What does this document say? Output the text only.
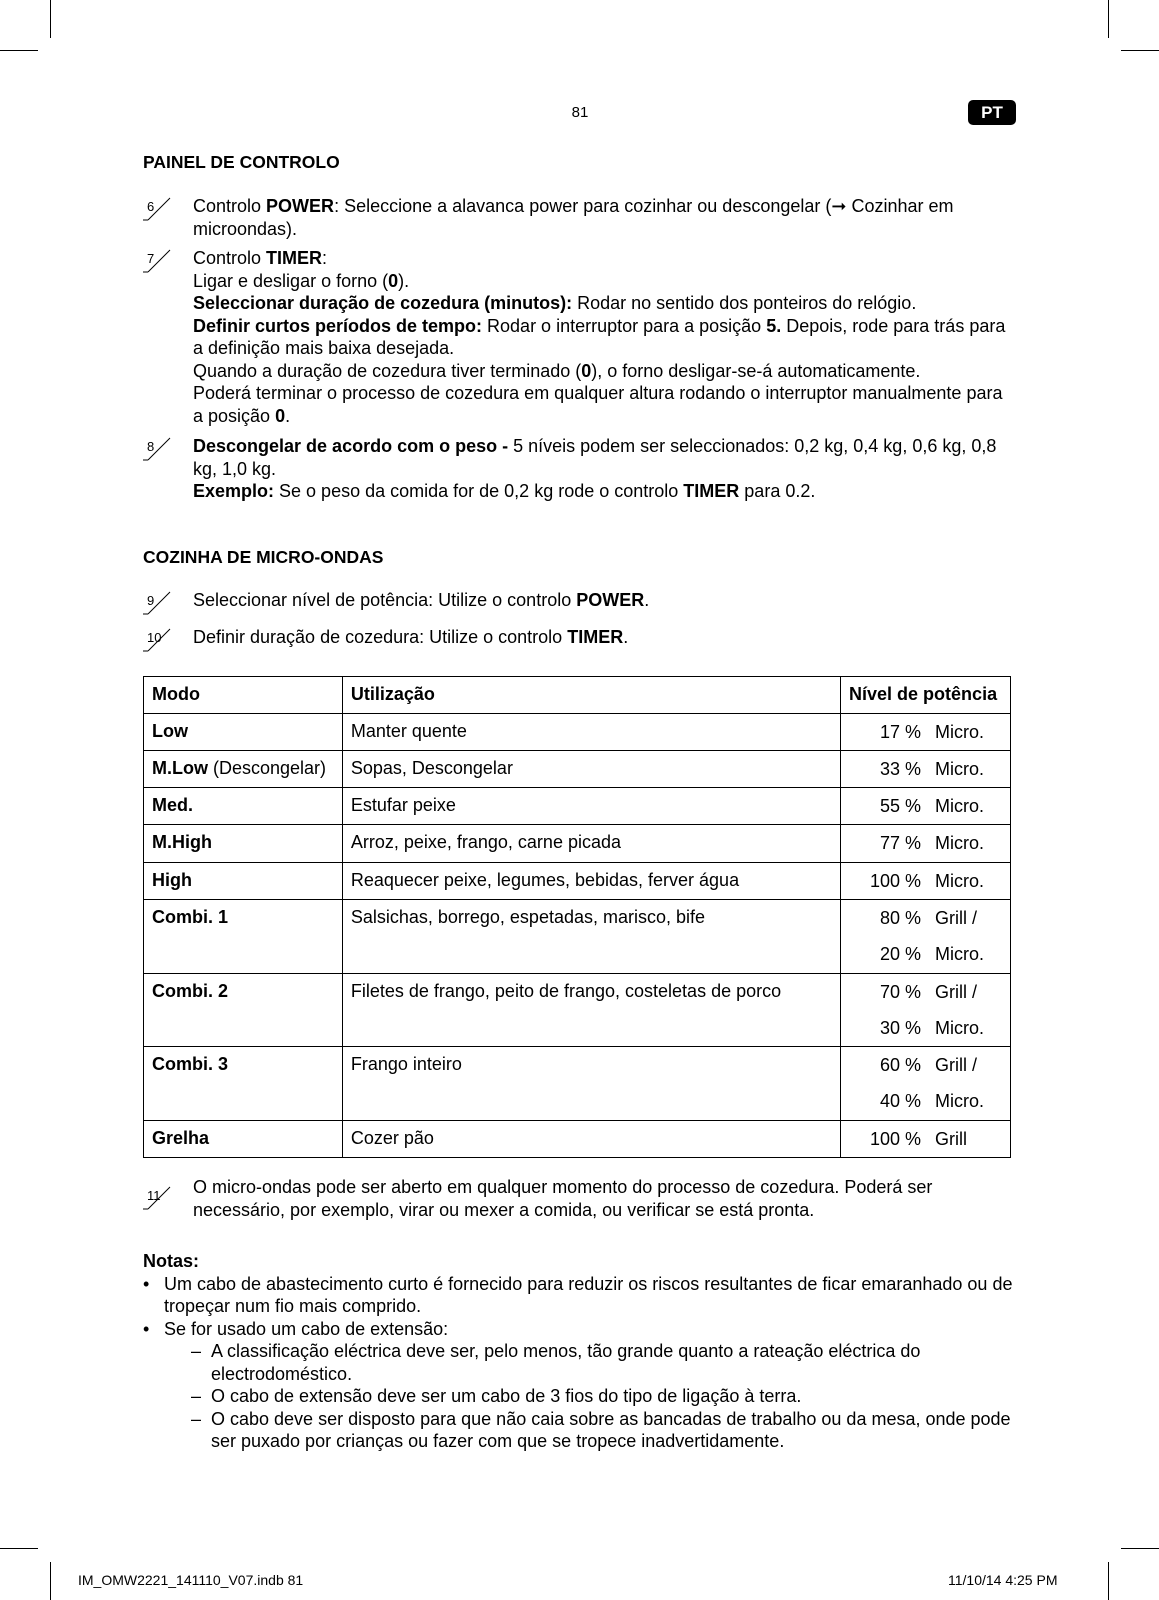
81	PT
PAINEL DE CONTROLO
6 Controlo POWER: Seleccione a alavanca power para cozinhar ou descongelar (➞ Cozinhar em microondas).
7 Controlo TIMER:
Ligar e desligar o forno (0).
Seleccionar duração de cozedura (minutos): Rodar no sentido dos ponteiros do relógio.
Definir curtos períodos de tempo: Rodar o interruptor para a posição 5. Depois, rode para trás para a definição mais baixa desejada.
Quando a duração de cozedura tiver terminado (0), o forno desligar-se-á automaticamente.
Poderá terminar o processo de cozedura em qualquer altura rodando o interruptor manualmente para a posição 0.
8 Descongelar de acordo com o peso - 5 níveis podem ser seleccionados: 0,2 kg, 0,4 kg, 0,6 kg, 0,8 kg, 1,0 kg.
Exemplo: Se o peso da comida for de 0,2 kg rode o controlo TIMER para 0.2.
COZINHA DE MICRO-ONDAS
9 Seleccionar nível de potência: Utilize o controlo POWER.
10 Definir duração de cozedura: Utilize o controlo TIMER.
Modo	Utilização	Nível de potência
Low	Manter quente	17 % Micro.

M.Low (Descongelar)	Sopas, Descongelar	33 % Micro.

Med.	Estufar peixe	55 % Micro.

M.High	Arroz, peixe, frango, carne picada	77 % Micro.

High	Reaquecer peixe, legumes, bebidas, ferver água	100 % Micro.

Combi. 1	Salsichas, borrego, espetadas, marisco, bife	80 % Grill /
20 % Micro.

Combi. 2	Filetes de frango, peito de frango, costeletas de porco	70 % Grill /
30 % Micro.

Combi. 3	Frango inteiro	60 % Grill /
40 % Micro.

Grelha	Cozer pão	100 % Grill
11 O micro-ondas pode ser aberto em qualquer momento do processo de cozedura. Poderá ser necessário, por exemplo, virar ou mexer a comida, ou verificar se está pronta.
Notas:
• Um cabo de abastecimento curto é fornecido para reduzir os riscos resultantes de ficar emaranhado ou de tropeçar num fio mais comprido.
• Se for usado um cabo de extensão:
– A classificação eléctrica deve ser, pelo menos, tão grande quanto a rateação eléctrica do electrodoméstico.
– O cabo de extensão deve ser um cabo de 3 fios do tipo de ligação à terra.
– O cabo deve ser disposto para que não caia sobre as bancadas de trabalho ou da mesa, onde pode ser puxado por crianças ou fazer com que se tropece inadvertidamente.
IM_OMW2221_141110_V07.indb 81	11/10/14 4:25 PM
